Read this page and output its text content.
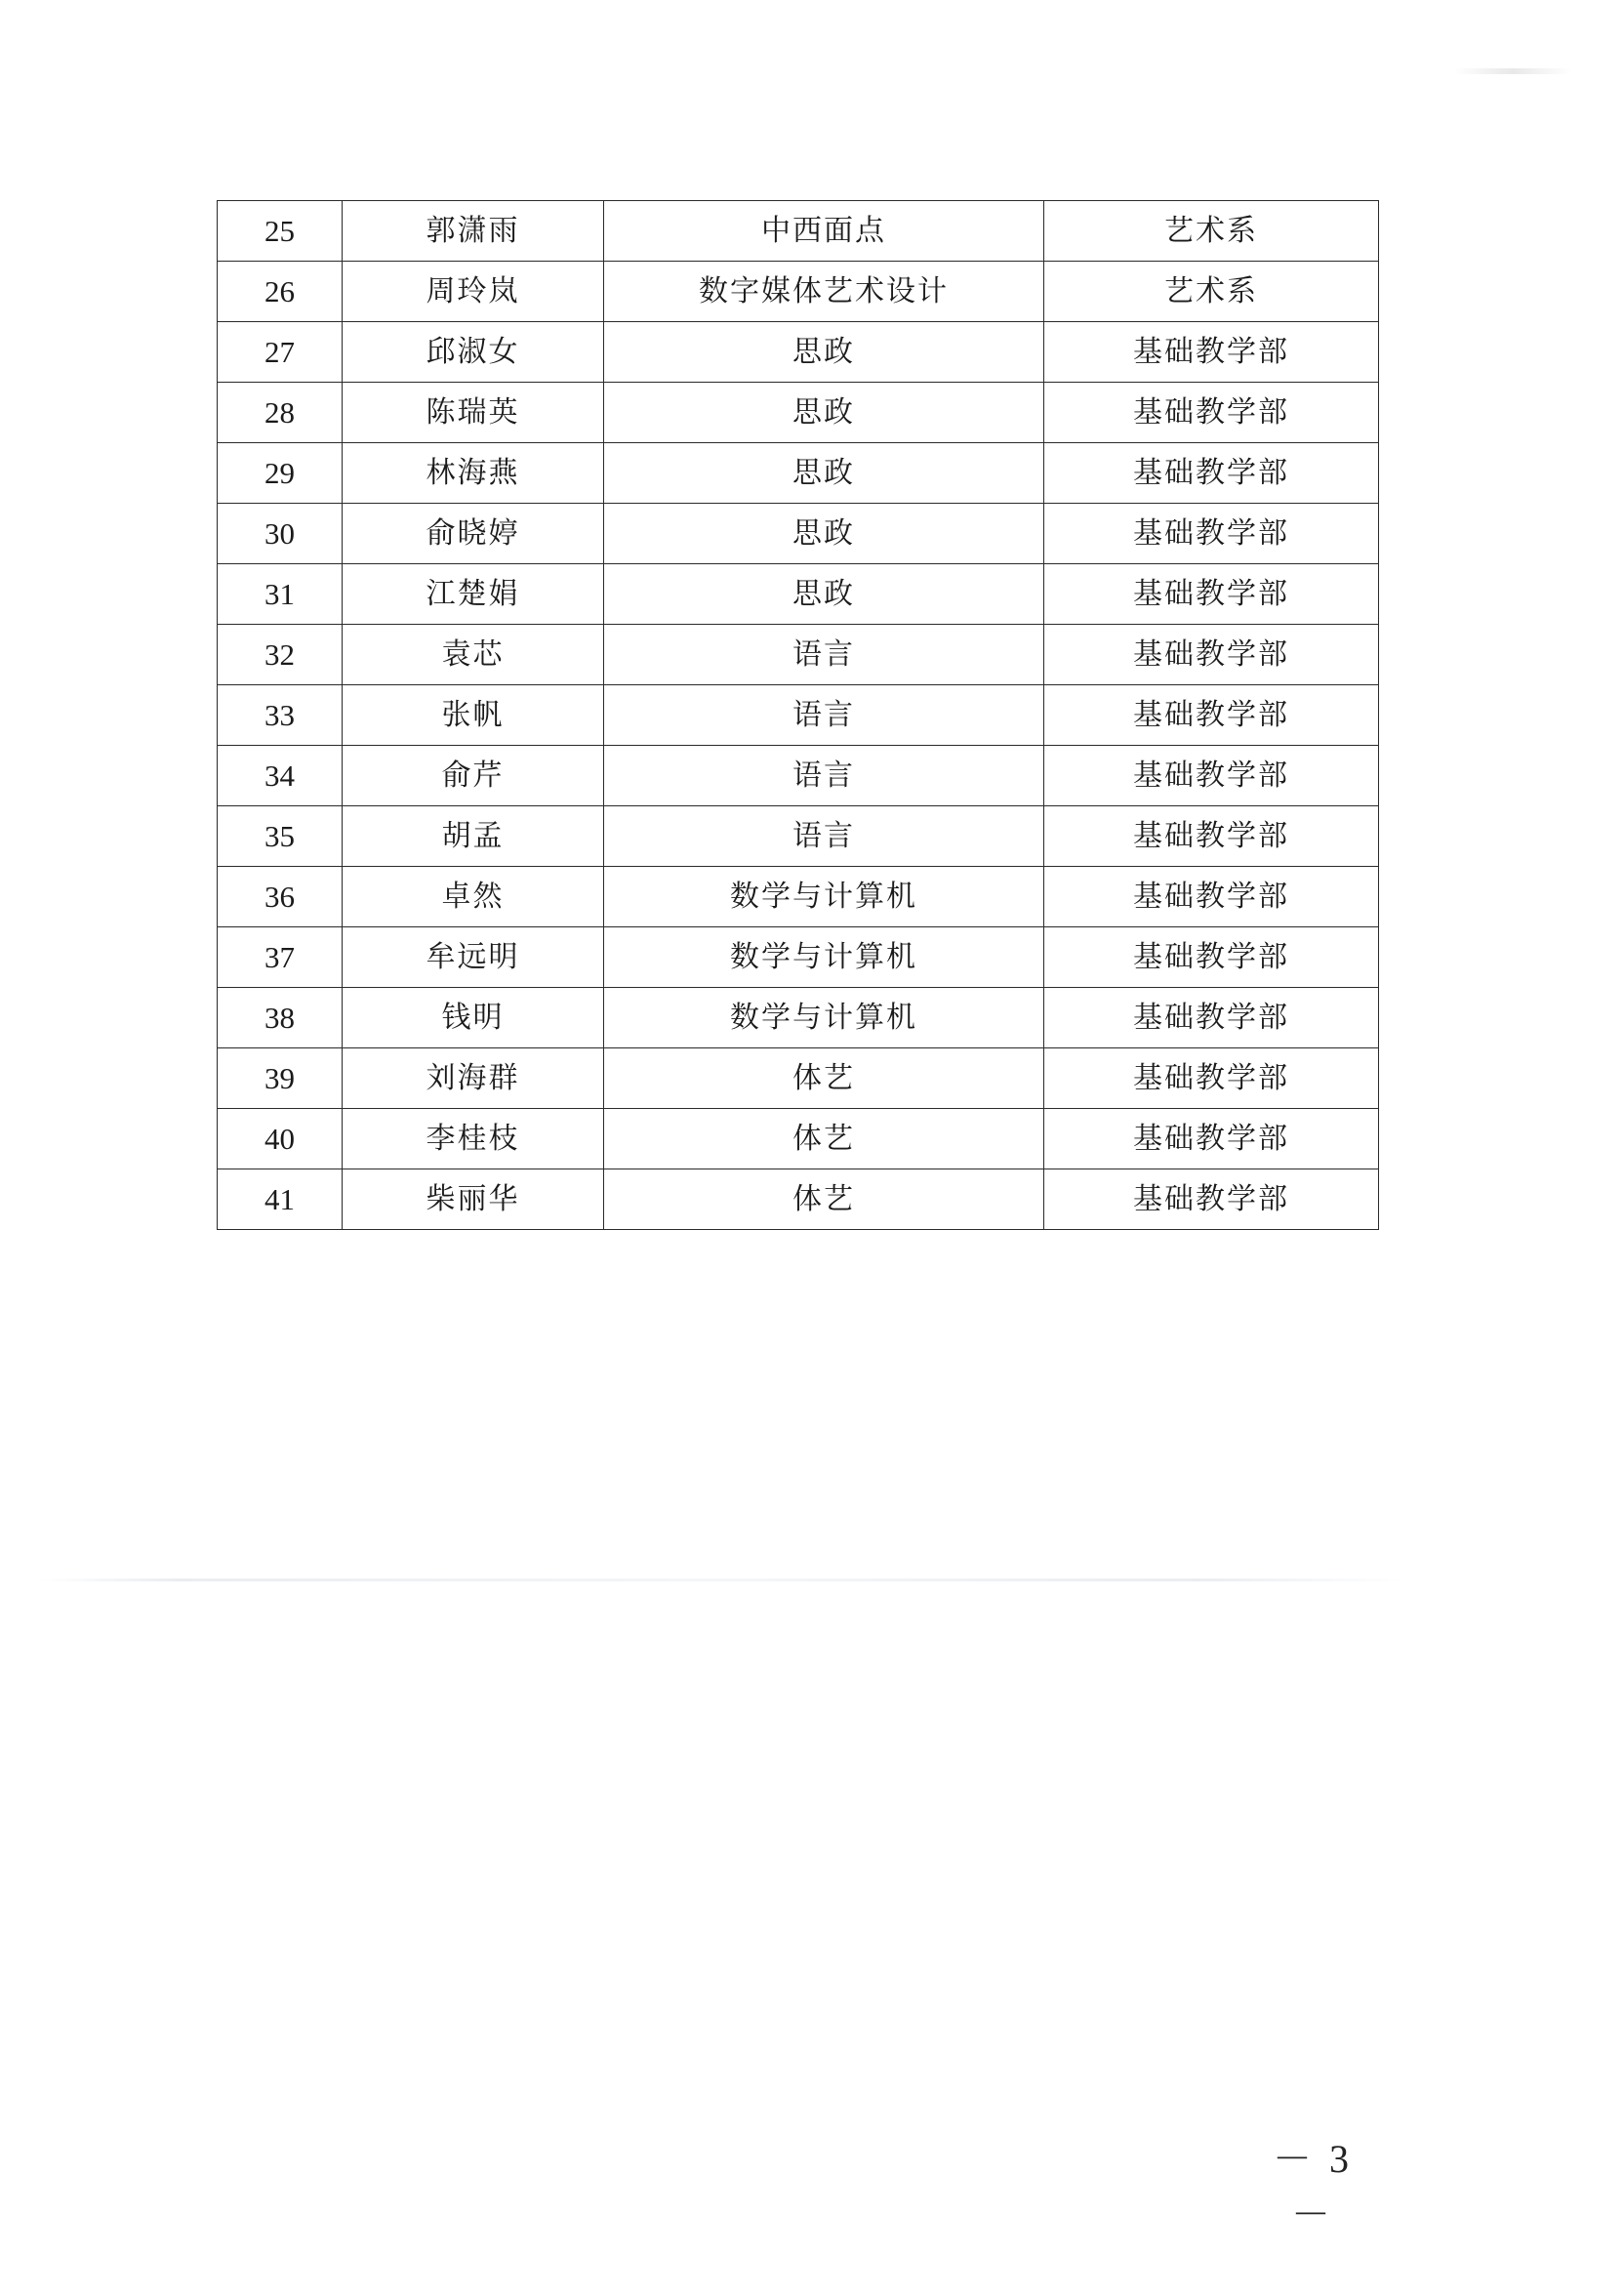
25	郭潇雨	中西面点	艺术系
26	周玲岚	数字媒体艺术设计	艺术系
27	邱淑女	思政	基础教学部
28	陈瑞英	思政	基础教学部
29	林海燕	思政	基础教学部
30	俞晓婷	思政	基础教学部
31	江楚娟	思政	基础教学部
32	袁芯	语言	基础教学部
33	张帆	语言	基础教学部
34	俞芹	语言	基础教学部
35	胡孟	语言	基础教学部
36	卓然	数学与计算机	基础教学部
37	牟远明	数学与计算机	基础教学部
38	钱明	数学与计算机	基础教学部
39	刘海群	体艺	基础教学部
40	李桂枝	体艺	基础教学部
41	柴丽华	体艺	基础教学部
－ 3 －
